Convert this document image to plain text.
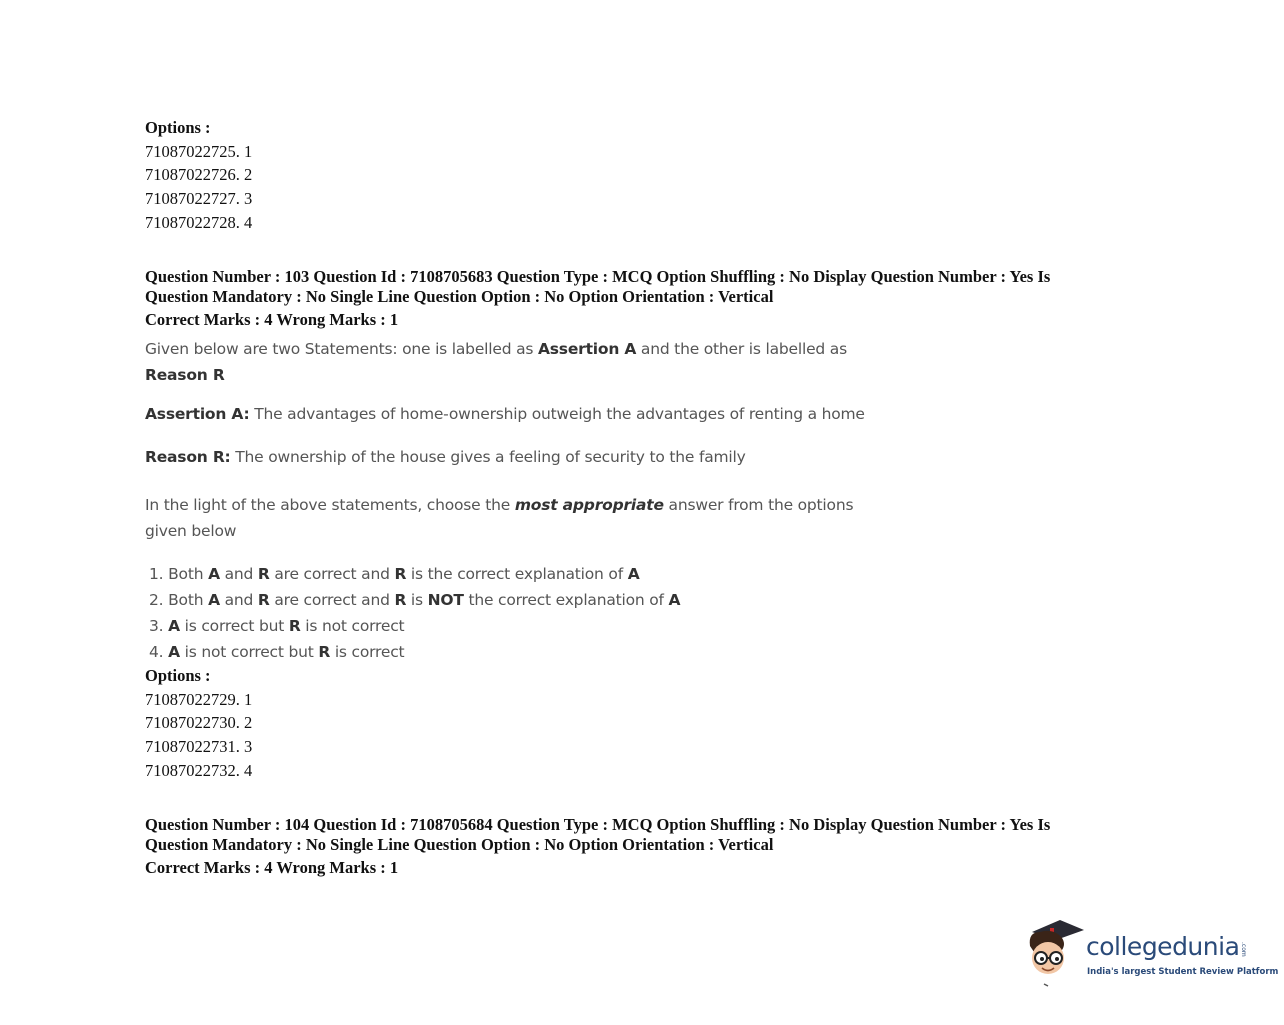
Options :
71087022725. 1
71087022726. 2
71087022727. 3
71087022728. 4
Question Number : 103 Question Id : 7108705683 Question Type : MCQ Option Shuffling : No Display Question Number : Yes Is
Question Mandatory : No Single Line Question Option : No Option Orientation : Vertical
Correct Marks : 4 Wrong Marks : 1
Given below are two Statements: one is labelled as Assertion A and the other is labelled as
Reason R
Assertion A: The advantages of home-ownership outweigh the advantages of renting a home
Reason R: The ownership of the house gives a feeling of security to the family
In the light of the above statements, choose the most appropriate answer from the options
given below
1. Both A and R are correct and R is the correct explanation of A
2. Both A and R are correct and R is NOT the correct explanation of A
3. A is correct but R is not correct
4. A is not correct but R is correct
Options :
71087022729. 1
71087022730. 2
71087022731. 3
71087022732. 4
Question Number : 104 Question Id : 7108705684 Question Type : MCQ Option Shuffling : No Display Question Number : Yes Is
Question Mandatory : No Single Line Question Option : No Option Orientation : Vertical
Correct Marks : 4 Wrong Marks : 1
collegedunia .com
India's largest Student Review Platform
